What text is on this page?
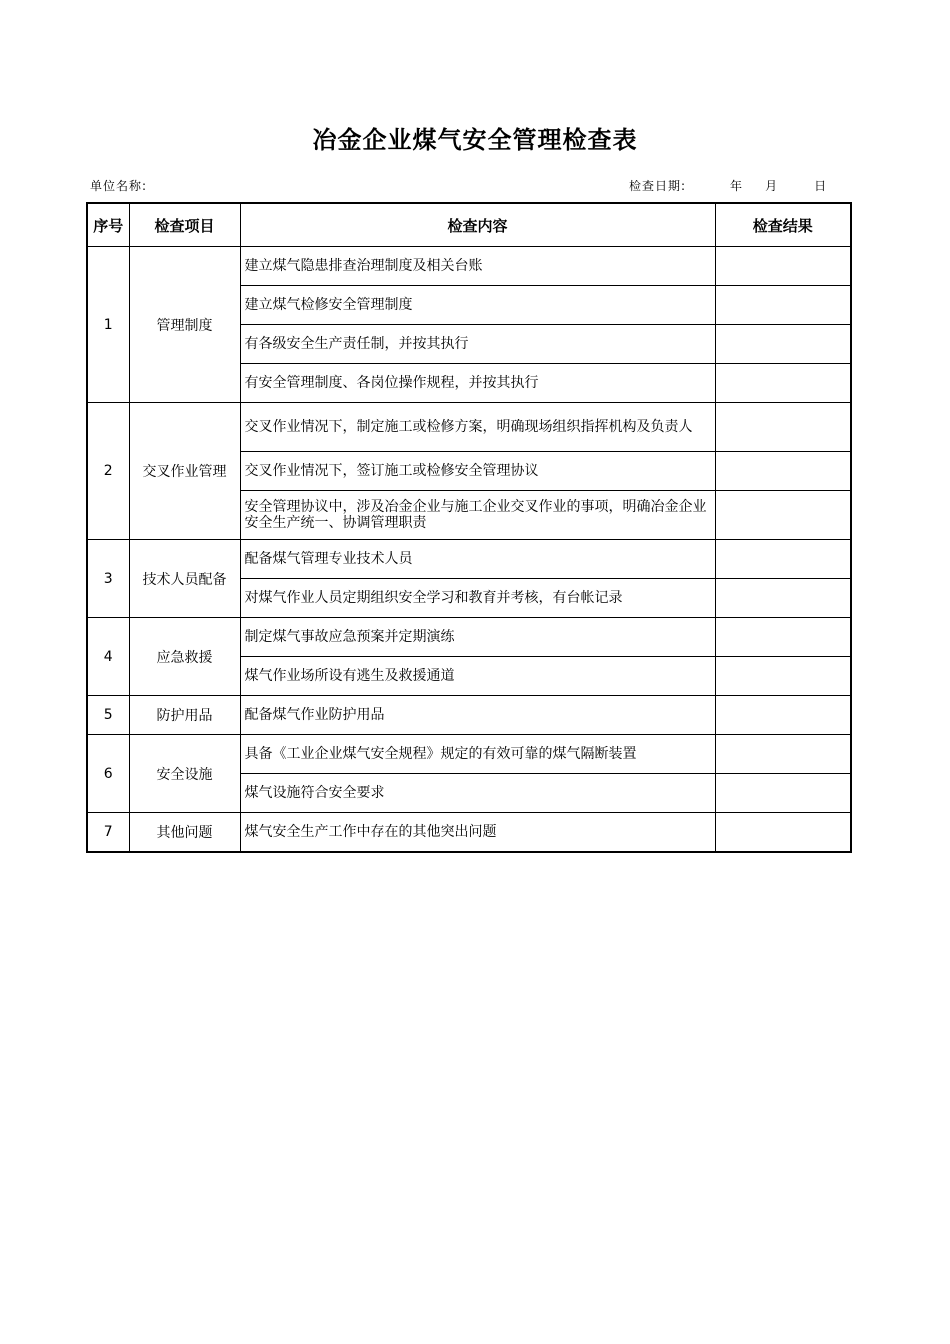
冶金企业煤气安全管理检查表
单位名称:	检查日期:	年 月	日
序号	检查项目	检查内容	检查结果
1	管理制度	建立煤气隐患排查治理制度及相关台账	
		建立煤气检修安全管理制度	
		有各级安全生产责任制，并按其执行	
		有安全管理制度、各岗位操作规程，并按其执行	
2	交叉作业管理	交叉作业情况下，制定施工或检修方案，明确现场组织指挥机构及负责人	
		交叉作业情况下，签订施工或检修安全管理协议	
		安全管理协议中，涉及冶金企业与施工企业交叉作业的事项，明确冶金企业安全生产统一、协调管理职责	
3	技术人员配备	配备煤气管理专业技术人员	
		对煤气作业人员定期组织安全学习和教育并考核，有台帐记录	
4	应急救援	制定煤气事故应急预案并定期演练	
		煤气作业场所设有逃生及救援通道	
5	防护用品	配备煤气作业防护用品	
6	安全设施	具备《工业企业煤气安全规程》规定的有效可靠的煤气隔断装置	
		煤气设施符合安全要求	
7	其他问题	煤气安全生产工作中存在的其他突出问题	
